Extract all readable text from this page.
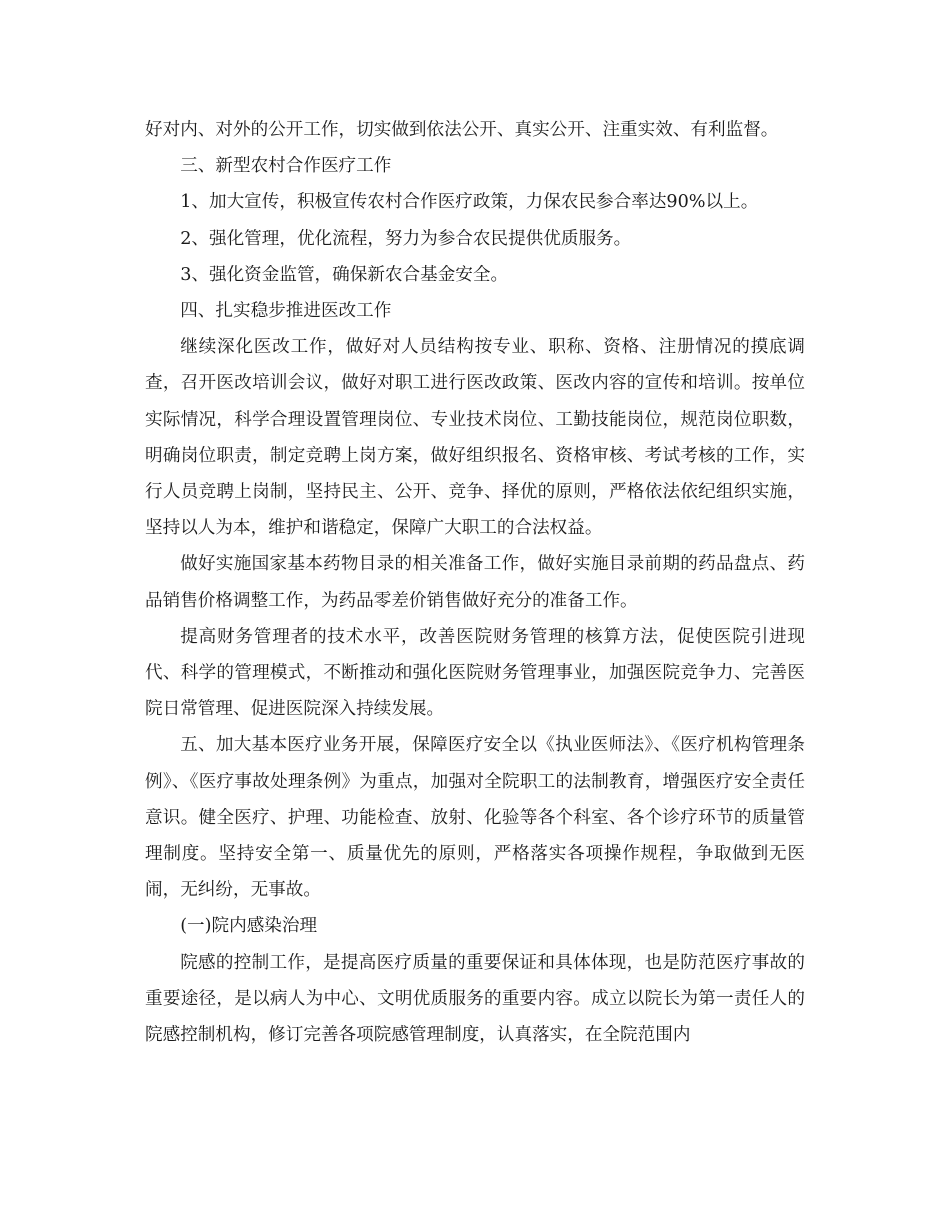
好对内、对外的公开工作，切实做到依法公开、真实公开、注重实效、有利监督。

三、新型农村合作医疗工作

1、加大宣传，积极宣传农村合作医疗政策，力保农民参合率达90%以上。

2、强化管理，优化流程，努力为参合农民提供优质服务。

3、强化资金监管，确保新农合基金安全。

四、扎实稳步推进医改工作

继续深化医改工作，做好对人员结构按专业、职称、资格、注册情况的摸底调查，召开医改培训会议，做好对职工进行医改政策、医改内容的宣传和培训。按单位实际情况，科学合理设置管理岗位、专业技术岗位、工勤技能岗位，规范岗位职数，明确岗位职责，制定竞聘上岗方案，做好组织报名、资格审核、考试考核的工作，实行人员竞聘上岗制，坚持民主、公开、竞争、择优的原则，严格依法依纪组织实施，坚持以人为本，维护和谐稳定，保障广大职工的合法权益。

做好实施国家基本药物目录的相关准备工作，做好实施目录前期的药品盘点、药品销售价格调整工作，为药品零差价销售做好充分的准备工作。

提高财务管理者的技术水平，改善医院财务管理的核算方法，促使医院引进现代、科学的管理模式，不断推动和强化医院财务管理事业，加强医院竞争力、完善医院日常管理、促进医院深入持续发展。

五、加大基本医疗业务开展，保障医疗安全以《执业医师法》、《医疗机构管理条例》、《医疗事故处理条例》为重点，加强对全院职工的法制教育，增强医疗安全责任意识。健全医疗、护理、功能检查、放射、化验等各个科室、各个诊疗环节的质量管理制度。坚持安全第一、质量优先的原则，严格落实各项操作规程，争取做到无医闹，无纠纷，无事故。

(一)院内感染治理

院感的控制工作，是提高医疗质量的重要保证和具体体现，也是防范医疗事故的重要途径，是以病人为中心、文明优质服务的重要内容。成立以院长为第一责任人的院感控制机构，修订完善各项院感管理制度，认真落实，在全院范围内
